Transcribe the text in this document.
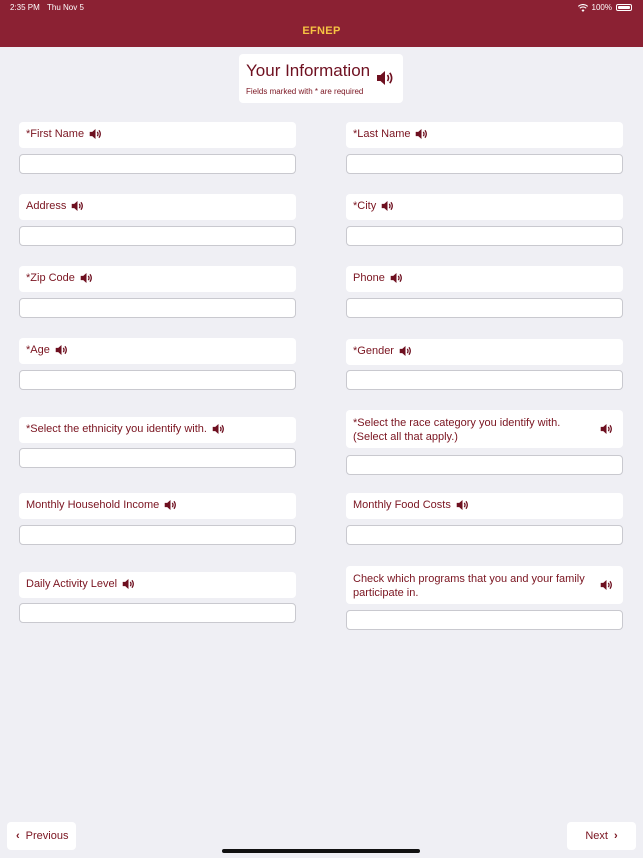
2:35 PM Thu Nov 5	100%
EFNEP
Your Information
Fields marked with * are required
*First Name	*Last Name
Address	*City
*Zip Code	Phone
*Age	*Gender
*Select the ethnicity you identify with.	*Select the race category you identify with. (Select all that apply.)
Monthly Household Income	Monthly Food Costs
Daily Activity Level	Check which programs that you and your family participate in.
‹ Previous	Next ›
